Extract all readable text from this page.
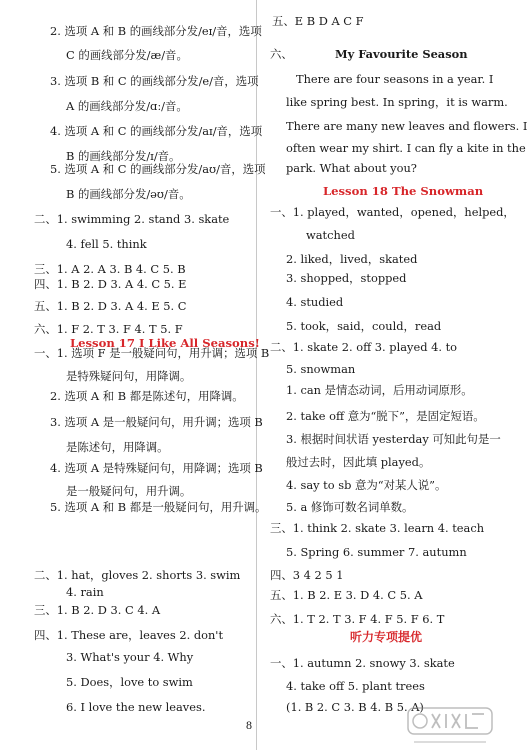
2. 选项 A 和 B 的画线部分发/eɪ/音，选项
C 的画线部分发/æ/音。
3. 选项 B 和 C 的画线部分发/e/音，选项
A 的画线部分发/ɑː/音。
4. 选项 A 和 C 的画线部分发/aɪ/音，选项
B 的画线部分发/ɪ/音。
5. 选项 A 和 C 的画线部分发/aʊ/音，选项
B 的画线部分发/əʊ/音。
二、1. swimming 2. stand 3. skate
4. fell 5. think
三、1. A 2. A 3. B 4. C 5. B
四、1. B 2. D 3. A 4. C 5. E
五、1. B 2. D 3. A 4. E 5. C
六、1. F 2. T 3. F 4. T 5. F
一、1. 选项 F 是一般疑问句，用升调；选项 B
是特殊疑问句，用降调。
2. 选项 A 和 B 都是陈述句，用降调。
3. 选项 A 是一般疑问句，用升调；选项 B
是陈述句，用降调。
4. 选项 A 是特殊疑问句，用降调；选项 B
是一般疑问句，用升调。
5. 选项 A 和 B 都是一般疑问句，用升调。
二、1. hat，gloves 2. shorts 3. swim
4. rain
三、1. B 2. D 3. C 4. A
四、1. These are，leaves 2. don't
3. What's your 4. Why
5. Does，love to swim
6. I love the new leaves.
五、E B D A C F
六、
There are four seasons in a year. I
like spring best. In spring，it is warm.
There are many new leaves and flowers. I
often wear my shirt. I can fly a kite in the
park. What about you?
一、1. played，wanted，opened，helped，
watched
2. liked，lived，skated
3. shopped，stopped
4. studied
5. took，said，could，read
二、1. skate 2. off 3. played 4. to
5. snowman
1. can 是情态动词，后用动词原形。
2. take off 意为“脱下”，是固定短语。
3. 根据时间状语 yesterday 可知此句是一
般过去时，因此填 played。
4. say to sb 意为“对某人说”。
5. a 修饰可数名词单数。
三、1. think 2. skate 3. learn 4. teach
5. Spring 6. summer 7. autumn
四、3 4 2 5 1
五、1. B 2. E 3. D 4. C 5. A
六、1. T 2. T 3. F 4. F 5. F 6. T
一、1. autumn 2. snowy 3. skate
4. take off 5. plant trees
(1. B 2. C 3. B 4. B 5. A)
Lesson 17 I Like All Seasons!
Lesson 18 The Snowman
My Favourite Season
听力专项提优
8
